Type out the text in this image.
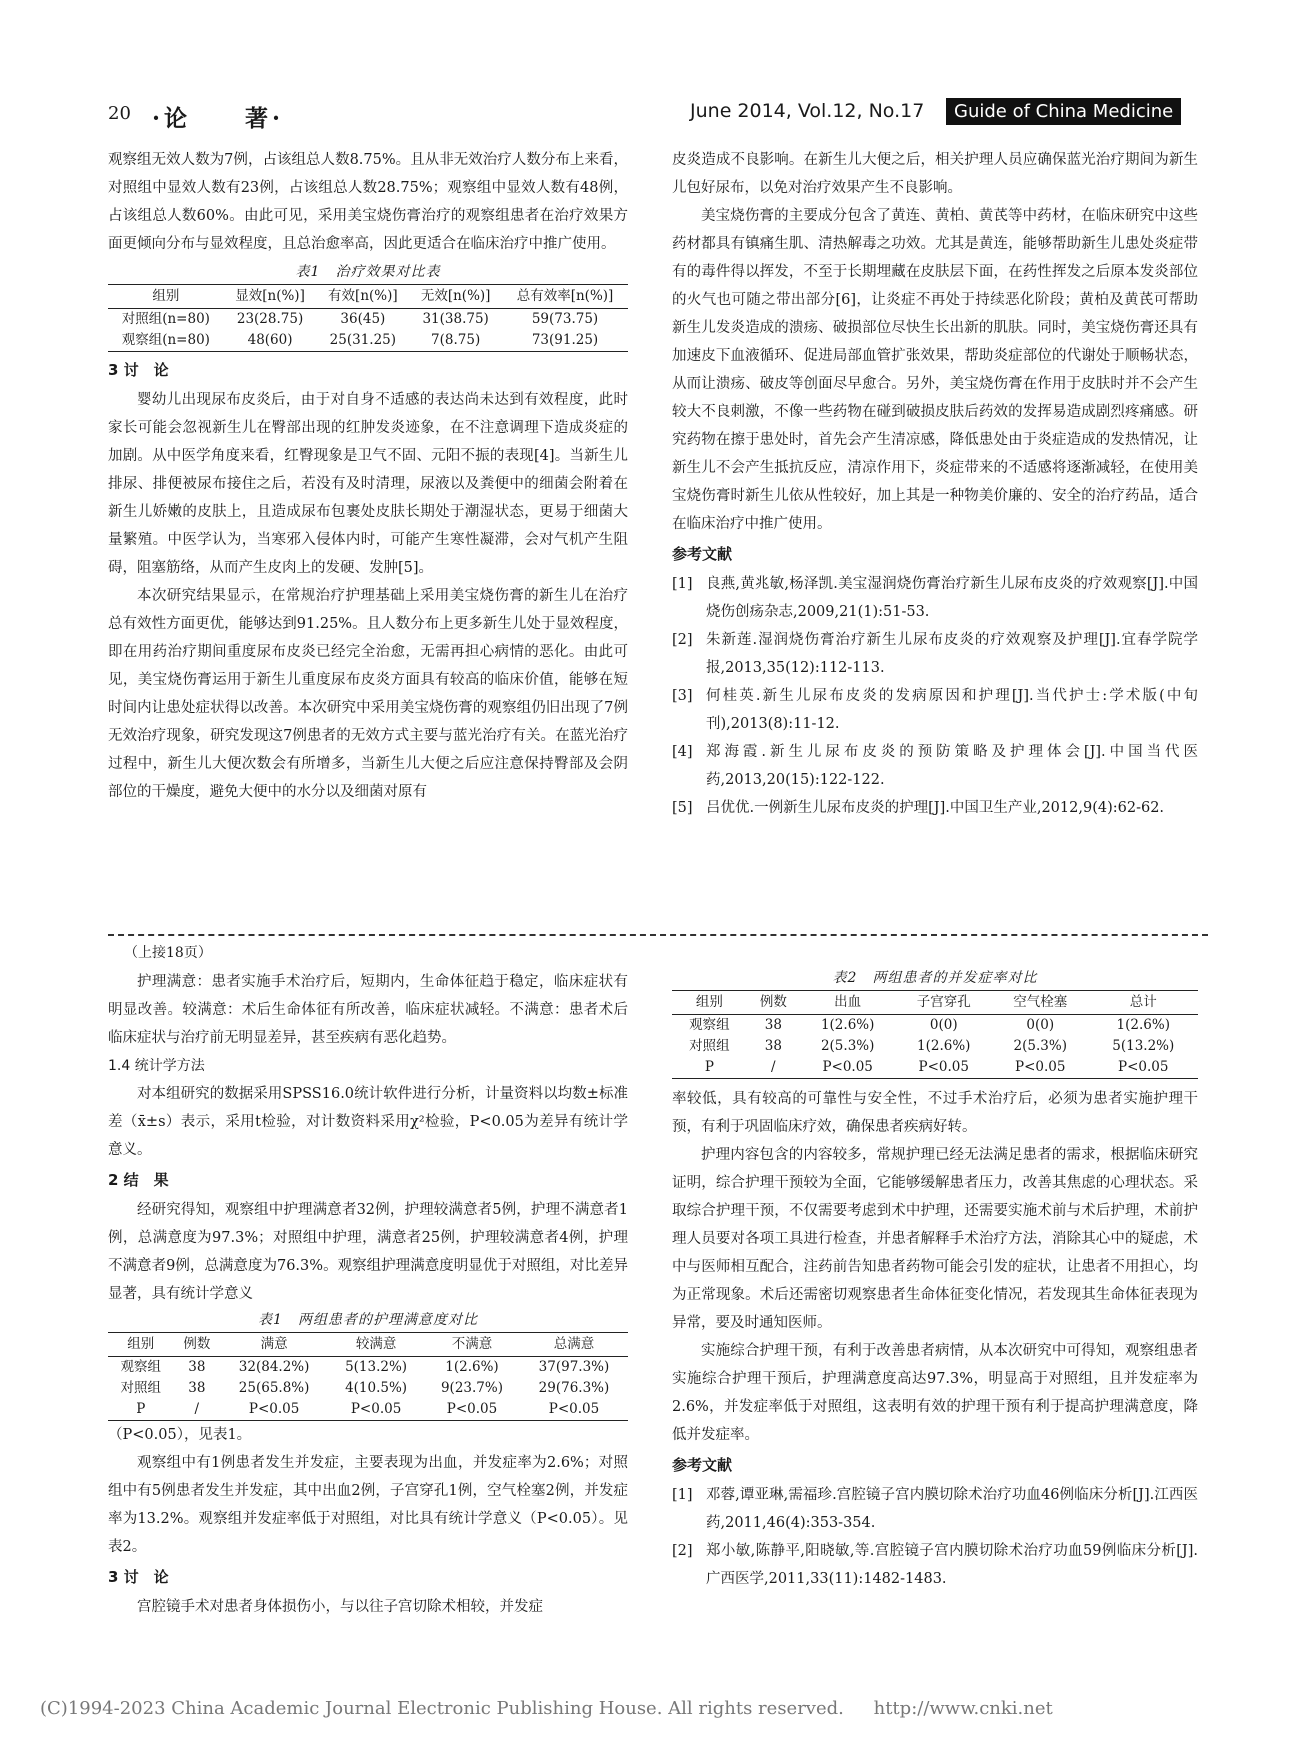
20 ·论　　著·	June 2014, Vol.12, No.17	Guide of China Medicine

观察组无效人数为7例，占该组总人数8.75%。且从非无效治疗人数分布上来看，对照组中显效人数有23例，占该组总人数28.75%；观察组中显效人数有48例，占该组总人数60%。由此可见，采用美宝烧伤膏治疗的观察组患者在治疗效果方面更倾向分布与显效程度，且总治愈率高，因此更适合在临床治疗中推广使用。

表1　治疗效果对比表
组别	显效[n(%)]	有效[n(%)]	无效[n(%)]	总有效率[n(%)]
对照组(n=80)	23(28.75)	36(45)	31(38.75)	59(73.75)
观察组(n=80)	48(60)	25(31.25)	7(8.75)	73(91.25)
3 讨　论

婴幼儿出现尿布皮炎后，由于对自身不适感的表达尚未达到有效程度，此时家长可能会忽视新生儿在臀部出现的红肿发炎迹象，在不注意调理下造成炎症的加剧。从中医学角度来看，红臀现象是卫气不固、元阳不振的表现[4]。当新生儿排尿、排便被尿布接住之后，若没有及时清理，尿液以及粪便中的细菌会附着在新生儿娇嫩的皮肤上，且造成尿布包裹处皮肤长期处于潮湿状态，更易于细菌大量繁殖。中医学认为，当寒邪入侵体内时，可能产生寒性凝滞，会对气机产生阻碍，阻塞筋络，从而产生皮肉上的发硬、发肿[5]。

本次研究结果显示，在常规治疗护理基础上采用美宝烧伤膏的新生儿在治疗总有效性方面更优，能够达到91.25%。且人数分布上更多新生儿处于显效程度，即在用药治疗期间重度尿布皮炎已经完全治愈，无需再担心病情的恶化。由此可见，美宝烧伤膏运用于新生儿重度尿布皮炎方面具有较高的临床价值，能够在短时间内让患处症状得以改善。本次研究中采用美宝烧伤膏的观察组仍旧出现了7例无效治疗现象，研究发现这7例患者的无效方式主要与蓝光治疗有关。在蓝光治疗过程中，新生儿大便次数会有所增多，当新生儿大便之后应注意保持臀部及会阴部位的干燥度，避免大便中的水分以及细菌对原有

皮炎造成不良影响。在新生儿大便之后，相关护理人员应确保蓝光治疗期间为新生儿包好尿布，以免对治疗效果产生不良影响。

美宝烧伤膏的主要成分包含了黄连、黄柏、黄芪等中药材，在临床研究中这些药材都具有镇痛生肌、清热解毒之功效。尤其是黄连，能够帮助新生儿患处炎症带有的毒件得以挥发，不至于长期埋藏在皮肤层下面，在药性挥发之后原本发炎部位的火气也可随之带出部分[6]，让炎症不再处于持续恶化阶段；黄柏及黄芪可帮助新生儿发炎造成的溃疡、破损部位尽快生长出新的肌肤。同时，美宝烧伤膏还具有加速皮下血液循环、促进局部血管扩张效果，帮助炎症部位的代谢处于顺畅状态，从而让溃疡、破皮等创面尽早愈合。另外，美宝烧伤膏在作用于皮肤时并不会产生较大不良刺激，不像一些药物在碰到破损皮肤后药效的发挥易造成剧烈疼痛感。研究药物在擦于患处时，首先会产生清凉感，降低患处由于炎症造成的发热情况，让新生儿不会产生抵抗反应，清凉作用下，炎症带来的不适感将逐渐减轻，在使用美宝烧伤膏时新生儿依从性较好，加上其是一种物美价廉的、安全的治疗药品，适合在临床治疗中推广使用。

参考文献
[1] 良燕,黄兆敏,杨泽凯.美宝湿润烧伤膏治疗新生儿尿布皮炎的疗效观察[J].中国烧伤创疡杂志,2009,21(1):51-53.
[2] 朱新莲.湿润烧伤膏治疗新生儿尿布皮炎的疗效观察及护理[J].宜春学院学报,2013,35(12):112-113.
[3] 何桂英.新生儿尿布皮炎的发病原因和护理[J].当代护士:学术版(中旬刊),2013(8):11-12.
[4] 郑海霞.新生儿尿布皮炎的预防策略及护理体会[J].中国当代医药,2013,20(15):122-122.
[5] 吕优优.一例新生儿尿布皮炎的护理[J].中国卫生产业,2012,9(4):62-62.
（上接18页）

护理满意：患者实施手术治疗后，短期内，生命体征趋于稳定，临床症状有明显改善。较满意：术后生命体征有所改善，临床症状减轻。不满意：患者术后临床症状与治疗前无明显差异，甚至疾病有恶化趋势。

1.4 统计学方法

对本组研究的数据采用SPSS16.0统计软件进行分析，计量资料以均数±标准差（x̄±s）表示，采用t检验，对计数资料采用χ²检验，P<0.05为差异有统计学意义。

2 结　果

经研究得知，观察组中护理满意者32例，护理较满意者5例，护理不满意者1例，总满意度为97.3%；对照组中护理，满意者25例，护理较满意者4例，护理不满意者9例，总满意度为76.3%。观察组护理满意度明显优于对照组，对比差异显著，具有统计学意义

表1　两组患者的护理满意度对比
组别	例数	满意	较满意	不满意	总满意
观察组	38	32(84.2%)	5(13.2%)	1(2.6%)	37(97.3%)
对照组	38	25(65.8%)	4(10.5%)	9(23.7%)	29(76.3%)
P	/	P<0.05	P<0.05	P<0.05	P<0.05

（P<0.05），见表1。

观察组中有1例患者发生并发症，主要表现为出血，并发症率为2.6%；对照组中有5例患者发生并发症，其中出血2例，子宫穿孔1例，空气栓塞2例，并发症率为13.2%。观察组并发症率低于对照组，对比具有统计学意义（P<0.05）。见表2。

3 讨　论

宫腔镜手术对患者身体损伤小，与以往子宫切除术相较，并发症

表2　两组患者的并发症率对比
组别	例数	出血	子宫穿孔	空气栓塞	总计
观察组	38	1(2.6%)	0(0)	0(0)	1(2.6%)
对照组	38	2(5.3%)	1(2.6%)	2(5.3%)	5(13.2%)
P	/	P<0.05	P<0.05	P<0.05	P<0.05

率较低，具有较高的可靠性与安全性，不过手术治疗后，必须为患者实施护理干预，有利于巩固临床疗效，确保患者疾病好转。

护理内容包含的内容较多，常规护理已经无法满足患者的需求，根据临床研究证明，综合护理干预较为全面，它能够缓解患者压力，改善其焦虑的心理状态。采取综合护理干预，不仅需要考虑到术中护理，还需要实施术前与术后护理，术前护理人员要对各项工具进行检查，并患者解释手术治疗方法，消除其心中的疑虑，术中与医师相互配合，注药前告知患者药物可能会引发的症状，让患者不用担心，均为正常现象。术后还需密切观察患者生命体征变化情况，若发现其生命体征表现为异常，要及时通知医师。

实施综合护理干预，有利于改善患者病情，从本次研究中可得知，观察组患者实施综合护理干预后，护理满意度高达97.3%，明显高于对照组，且并发症率为2.6%，并发症率低于对照组，这表明有效的护理干预有利于提高护理满意度，降低并发症率。

参考文献
[1] 邓蓉,谭亚琳,需福珍.宫腔镜子宫内膜切除术治疗功血46例临床分析[J].江西医药,2011,46(4):353-354.
[2] 郑小敏,陈静平,阳晓敏,等.宫腔镜子宫内膜切除术治疗功血59例临床分析[J].广西医学,2011,33(11):1482-1483.
(C)1994-2023 China Academic Journal Electronic Publishing House. All rights reserved. http://www.cnki.net
